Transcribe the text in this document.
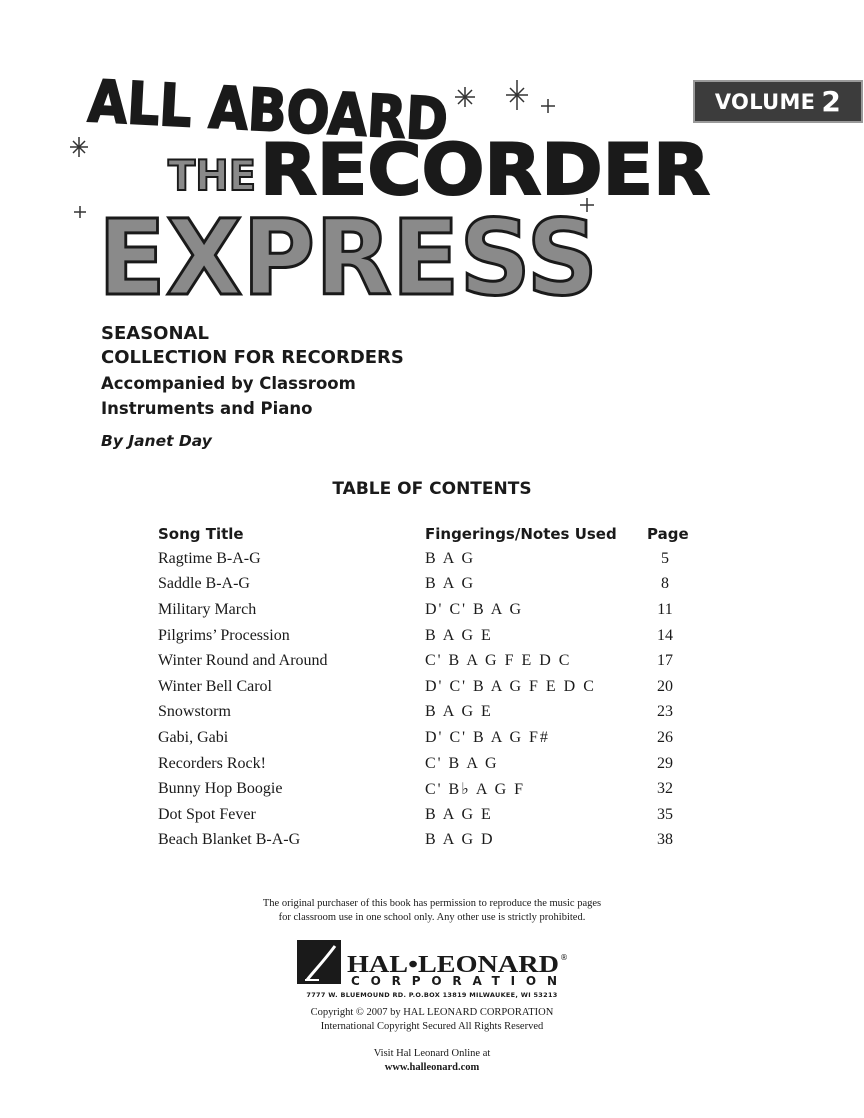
VOLUME 2
ALL ABOARD
THE RECORDER
EXPRESS
SEASONAL
COLLECTION FOR RECORDERS
Accompanied by Classroom
Instruments and Piano
By Janet Day
TABLE OF CONTENTS
Song Title	Fingerings/Notes Used	Page
Ragtime B-A-G	B A G	5
Saddle B-A-G	B A G	8
Military March	D' C' B A G	11
Pilgrims’ Procession	B A G E	14
Winter Round and Around	C' B A G F E D C	17
Winter Bell Carol	D' C' B A G F E D C	20
Snowstorm	B A G E	23
Gabi, Gabi	D' C' B A G F#	26
Recorders Rock!	C' B A G	29
Bunny Hop Boogie	C' B♭ A G F	32
Dot Spot Fever	B A G E	35
Beach Blanket B-A-G	B A G D	38
The original purchaser of this book has permission to reproduce the music pages
for classroom use in one school only. Any other use is strictly prohibited.
HAL•LEONARD ®
CORPORATION
7777 W. BLUEMOUND RD. P.O.BOX 13819 MILWAUKEE, WI 53213
Copyright © 2007 by HAL LEONARD CORPORATION
International Copyright Secured All Rights Reserved
Visit Hal Leonard Online at
www.halleonard.com
